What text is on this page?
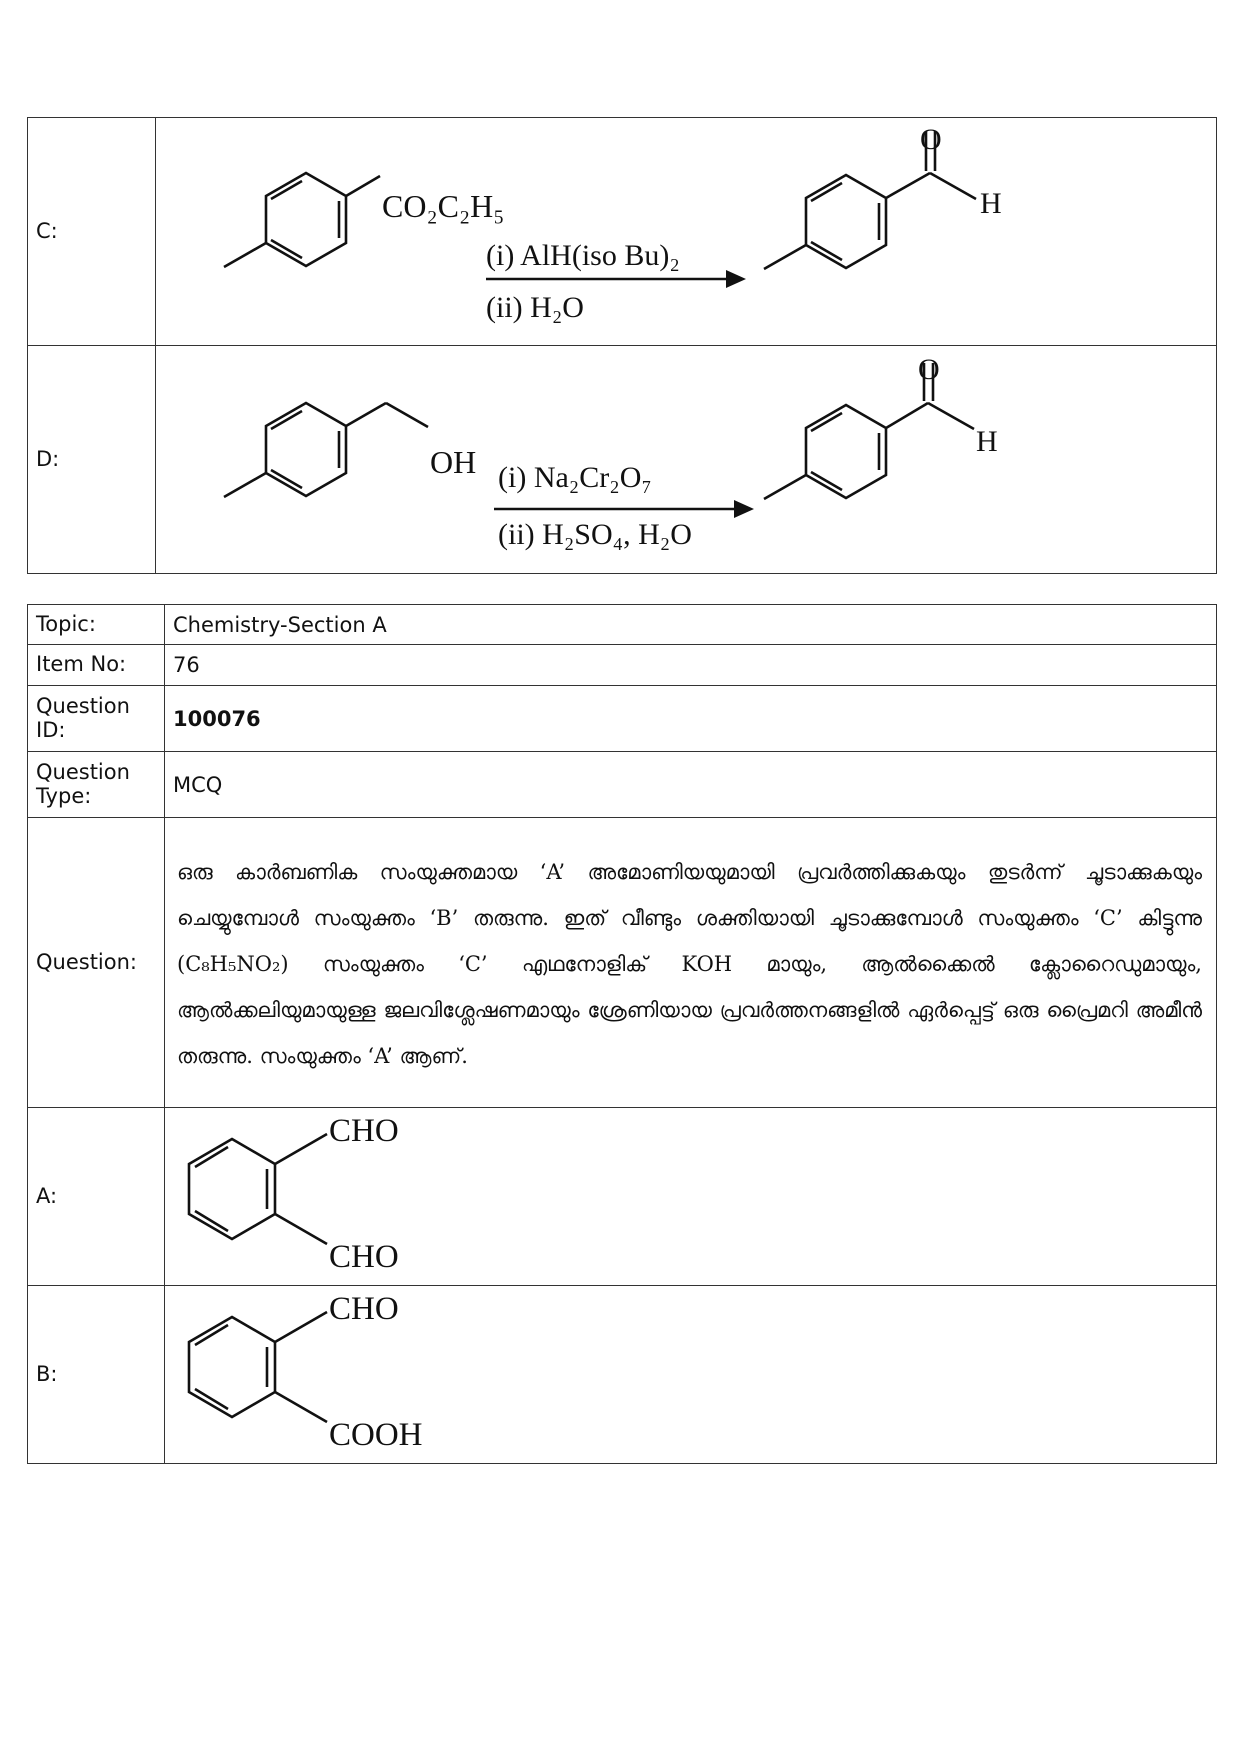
C:	CO₂C₂H₅
(i) AlH(iso Bu)₂
(ii) H₂O
O
H

D:	OH (i) Na₂Cr₂O₇
(ii) H₂SO₄, H₂O
O
H
Topic:	Chemistry-Section A
Item No:	76
Question ID:	100076
Question Type:	MCQ
Question:	ഒരു കാർബണിക സംയുക്തമായ ‘A’ അമോണിയയുമായി പ്രവർത്തിക്കുകയും തുടർന്ന് ചൂടാക്കുകയും ചെയ്യുമ്പോൾ സംയുക്തം ‘B’ തരുന്നു. ഇത് വീണ്ടും ശക്തിയായി ചൂടാക്കുമ്പോൾ സംയുക്തം ‘C’ കിട്ടുന്നു (C₈H₅NO₂) സംയുക്തം ‘C’ എഥനോളിക് KOH മായും, ആൽക്കൈൽ ക്ലോറൈഡുമായും, ആൽക്കലിയുമായുള്ള ജലവിശ്ലേഷണമായും ശ്രേണിയായ പ്രവർത്തനങ്ങളിൽ ഏർപ്പെട്ട് ഒരു പ്രൈമറി അമീൻ തരുന്നു. സംയുക്തം ‘A’ ആണ്.

A:	CHO
CHO

B:	CHO
COOH
